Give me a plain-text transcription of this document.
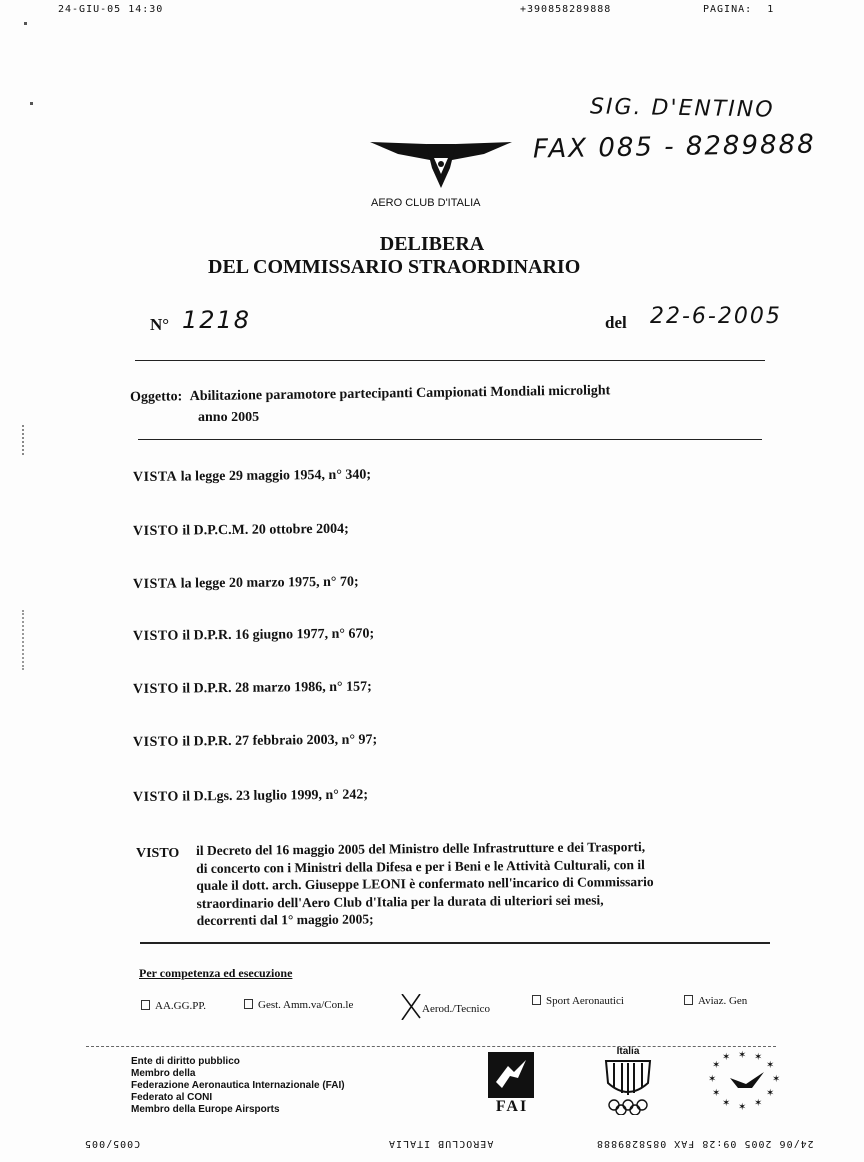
24-GIU-05 14:30	+390858289888	PAGINA: 1
SIG. D'ENTINO
FAX 085 - 8289888
AERO CLUB D'ITALIA
DELIBERA
DEL COMMISSARIO STRAORDINARIO
N° 1218	del 22-6-2005
Oggetto: Abilitazione paramotore partecipanti Campionati Mondiali microlight
anno 2005
VISTA la legge 29 maggio 1954, n° 340;
VISTO il D.P.C.M. 20 ottobre 2004;
VISTA la legge 20 marzo 1975, n° 70;
VISTO il D.P.R. 16 giugno 1977, n° 670;
VISTO il D.P.R. 28 marzo 1986, n° 157;
VISTO il D.P.R. 27 febbraio 2003, n° 97;
VISTO il D.Lgs. 23 luglio 1999, n° 242;
VISTO il Decreto del 16 maggio 2005 del Ministro delle Infrastrutture e dei Trasporti,
di concerto con i Ministri della Difesa e per i Beni e le Attività Culturali, con il
quale il dott. arch. Giuseppe LEONI è confermato nell'incarico di Commissario
straordinario dell'Aero Club d'Italia per la durata di ulteriori sei mesi,
decorrenti dal 1° maggio 2005;
Per competenza ed esecuzione
AA.GG.PP.	Gest. Amm.va/Con.le	Aerod./Tecnico
Sport Aeronautici	Aviaz. Gen
Ente di diritto pubblico
Membro della
Federazione Aeronautica Internazionale (FAI)
Federato al CONI
Membro della Europe Airsports	FAI
Italia	✶ ✶
✶
✶
✶
✶
✶
✶
✶
✶
✶
✶
C005/005	AEROCLUB ITALIA	24/06 2005 09:28 FAX 0858289888
